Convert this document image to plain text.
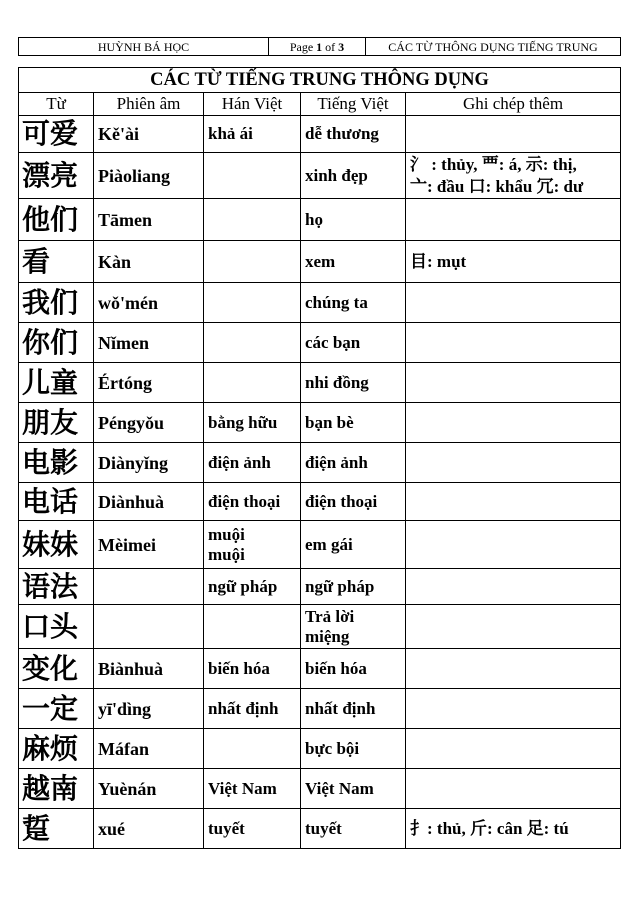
HUỲNH BÁ HỌC	Page 1 of 3	CÁC TỪ THÔNG DỤNG TIẾNG TRUNG
CÁC TỪ TIẾNG TRUNG THÔNG DỤNG				
Từ	Phiên âm	Hán Việt	Tiếng Việt	Ghi chép thêm
可爱	Kě'ài	khả ái	dễ thương	
漂亮	Piàoliang		xinh đẹp	氵 : thủy, 覀: á, 示: thị,
亠: đầu 口: khẩu 冗: dư

他们	Tāmen		họ	
看	Kàn		xem	目: mụt
我们	wǒ'mén		chúng ta	
你们	Nǐmen		các bạn	
儿童	Értóng		nhi đồng	
朋友	Péngyǒu	bằng hữu	bạn bè	
电影	Diànyǐng	điện ảnh	điện ảnh	
电话	Diànhuà	điện thoại	điện thoại	
妹妹	Mèimei	muội
muội	em gái	
语法		ngữ pháp	ngữ pháp	
口头			Trả lời
miệng	

变化	Biànhuà	biến hóa	biến hóa	
一定	yī'dìng	nhất định	nhất định	
麻烦	Máfan		bực bội	
越南	Yuènán	Việt Nam	Việt Nam	
踅	xué	tuyết	tuyết	扌: thủ, 斤: cân 足: tú
